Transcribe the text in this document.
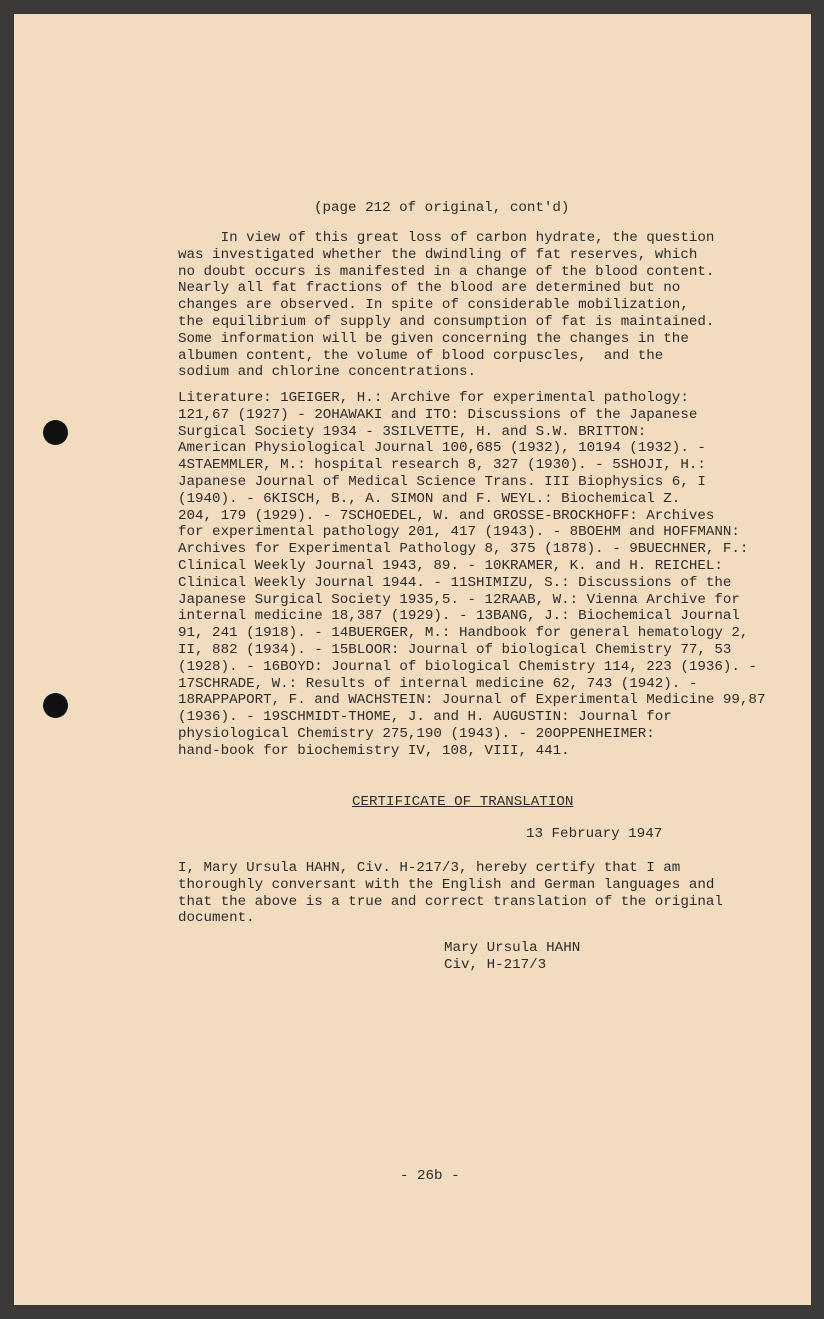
(page 212 of original, cont'd)
In view of this great loss of carbon hydrate, the question
was investigated whether the dwindling of fat reserves, which
no doubt occurs is manifested in a change of the blood content.
Nearly all fat fractions of the blood are determined but no
changes are observed. In spite of considerable mobilization,
the equilibrium of supply and consumption of fat is maintained.
Some information will be given concerning the changes in the
albumen content, the volume of blood corpuscles,  and the
sodium and chlorine concentrations.
Literature: 1GEIGER, H.: Archive for experimental pathology:
121,67 (1927) - 2OHAWAKI and ITO: Discussions of the Japanese
Surgical Society 1934 - 3SILVETTE, H. and S.W. BRITTON:
American Physiological Journal 100,685 (1932), 10194 (1932). -
4STAEMMLER, M.: hospital research 8, 327 (1930). - 5SHOJI, H.:
Japanese Journal of Medical Science Trans. III Biophysics 6, I
(1940). - 6KISCH, B., A. SIMON and F. WEYL.: Biochemical Z.
204, 179 (1929). - 7SCHOEDEL, W. and GROSSE-BROCKHOFF: Archives
for experimental pathology 201, 417 (1943). - 8BOEHM and HOFFMANN:
Archives for Experimental Pathology 8, 375 (1878). - 9BUECHNER, F.:
Clinical Weekly Journal 1943, 89. - 10KRAMER, K. and H. REICHEL:
Clinical Weekly Journal 1944. - 11SHIMIZU, S.: Discussions of the
Japanese Surgical Society 1935,5. - 12RAAB, W.: Vienna Archive for
internal medicine 18,387 (1929). - 13BANG, J.: Biochemical Journal
91, 241 (1918). - 14BUERGER, M.: Handbook for general hematology 2,
II, 882 (1934). - 15BLOOR: Journal of biological Chemistry 77, 53
(1928). - 16BOYD: Journal of biological Chemistry 114, 223 (1936). -
17SCHRADE, W.: Results of internal medicine 62, 743 (1942). -
18RAPPAPORT, F. and WACHSTEIN: Journal of Experimental Medicine 99,87
(1936). - 19SCHMIDT-THOME, J. and H. AUGUSTIN: Journal for
physiological Chemistry 275,190 (1943). - 20OPPENHEIMER:
hand-book for biochemistry IV, 108, VIII, 441.
CERTIFICATE OF TRANSLATION
13 February 1947
I, Mary Ursula HAHN, Civ. H-217/3, hereby certify that I am
thoroughly conversant with the English and German languages and
that the above is a true and correct translation of the original
document.
Mary Ursula HAHN
Civ, H-217/3
- 26b -
